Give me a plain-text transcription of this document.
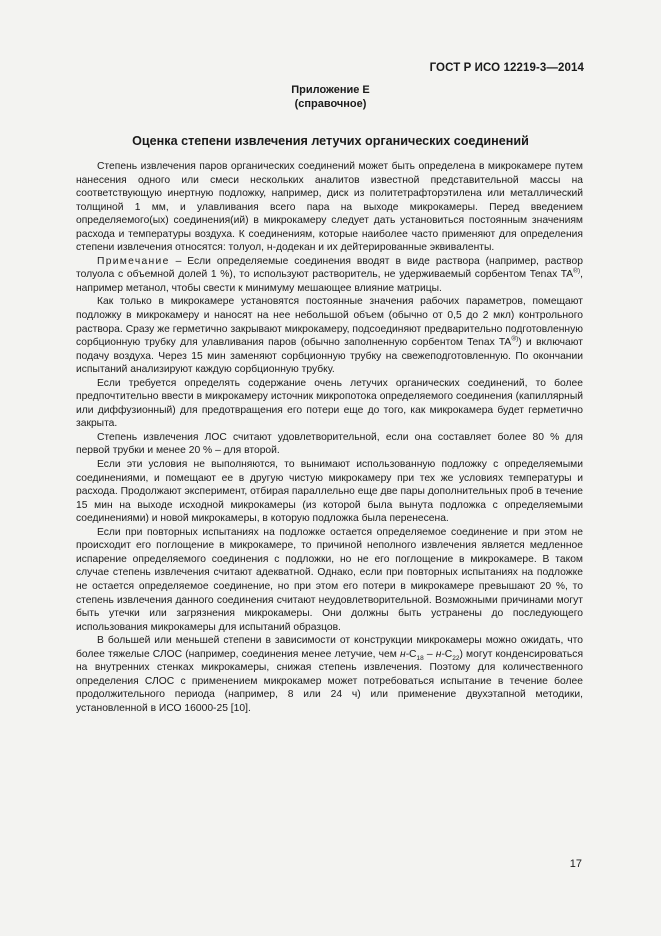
ГОСТ Р ИСО 12219-3—2014
Приложение Е
(справочное)
Оценка степени извлечения летучих органических соединений

Степень извлечения паров органических соединений может быть определена в микрокамере путем нанесения одного или смеси нескольких аналитов известной представительной массы на соответствующую инертную подложку, например, диск из политетрафторэтилена или металлический толщиной 1 мм, и улавливания всего пара на выходе микрокамеры. Перед введением определяемого(ых) соединения(ий) в микрокамеру следует дать установиться постоянным значениям расхода и температуры воздуха. К соединениям, которые наиболее часто применяют для определения степени извлечения относятся: толуол, н-додекан и их дейтерированные эквиваленты.

Примечание – Если определяемые соединения вводят в виде раствора (например, раствор толуола с объемной долей 1 %), то используют растворитель, не удерживаемый сорбентом Tenax TA®), например метанол, чтобы свести к минимуму мешающее влияние матрицы.

Как только в микрокамере установятся постоянные значения рабочих параметров, помещают подложку в микрокамеру и наносят на нее небольшой объем (обычно от 0,5 до 2 мкл) контрольного раствора. Сразу же герметично закрывают микрокамеру, подсоединяют предварительно подготовленную сорбционную трубку для улавливания паров (обычно заполненную сорбентом Tenax TA®)) и включают подачу воздуха. Через 15 мин заменяют сорбционную трубку на свежеподготовленную. По окончании испытаний анализируют каждую сорбционную трубку.

Если требуется определять содержание очень летучих органических соединений, то более предпочтительно ввести в микрокамеру источник микропотока определяемого соединения (капиллярный или диффузионный) для предотвращения его потери еще до того, как микрокамера будет герметично закрыта.

Степень извлечения ЛОС считают удовлетворительной, если она составляет более 80 % для первой трубки и менее 20 % – для второй.

Если эти условия не выполняются, то вынимают использованную подложку с определяемыми соединениями, и помещают ее в другую чистую микрокамеру при тех же условиях температуры и расхода. Продолжают эксперимент, отбирая параллельно еще две пары дополнительных проб в течение 15 мин на выходе исходной микрокамеры (из которой была вынута подложка с определяемыми соединениями) и новой микрокамеры, в которую подложка была перенесена.

Если при повторных испытаниях на подложке остается определяемое соединение и при этом не происходит его поглощение в микрокамере, то причиной неполного извлечения является медленное испарение определяемого соединения с подложки, но не его поглощение в микрокамере. В таком случае степень извлечения считают адекватной. Однако, если при повторных испытаниях на подложке не остается определяемое соединение, но при этом его потери в микрокамере превышают 20 %, то степень извлечения данного соединения считают неудовлетворительной. Возможными причинами могут быть утечки или загрязнения микрокамеры. Они должны быть устранены до последующего использования микрокамеры для испытаний образцов.

В большей или меньшей степени в зависимости от конструкции микрокамеры можно ожидать, что более тяжелые СЛОС (например, соединения менее летучие, чем $н-C_{18} - н-C_{22}$) могут конденсироваться на внутренних стенках микрокамеры, снижая степень извлечения. Поэтому для количественного определения СЛОС с применением микрокамер может потребоваться испытание в течение более продолжительного периода (например, 8 или 24 ч) или применение двухэтапной методики, установленной в ИСО 16000-25 [10].

17
